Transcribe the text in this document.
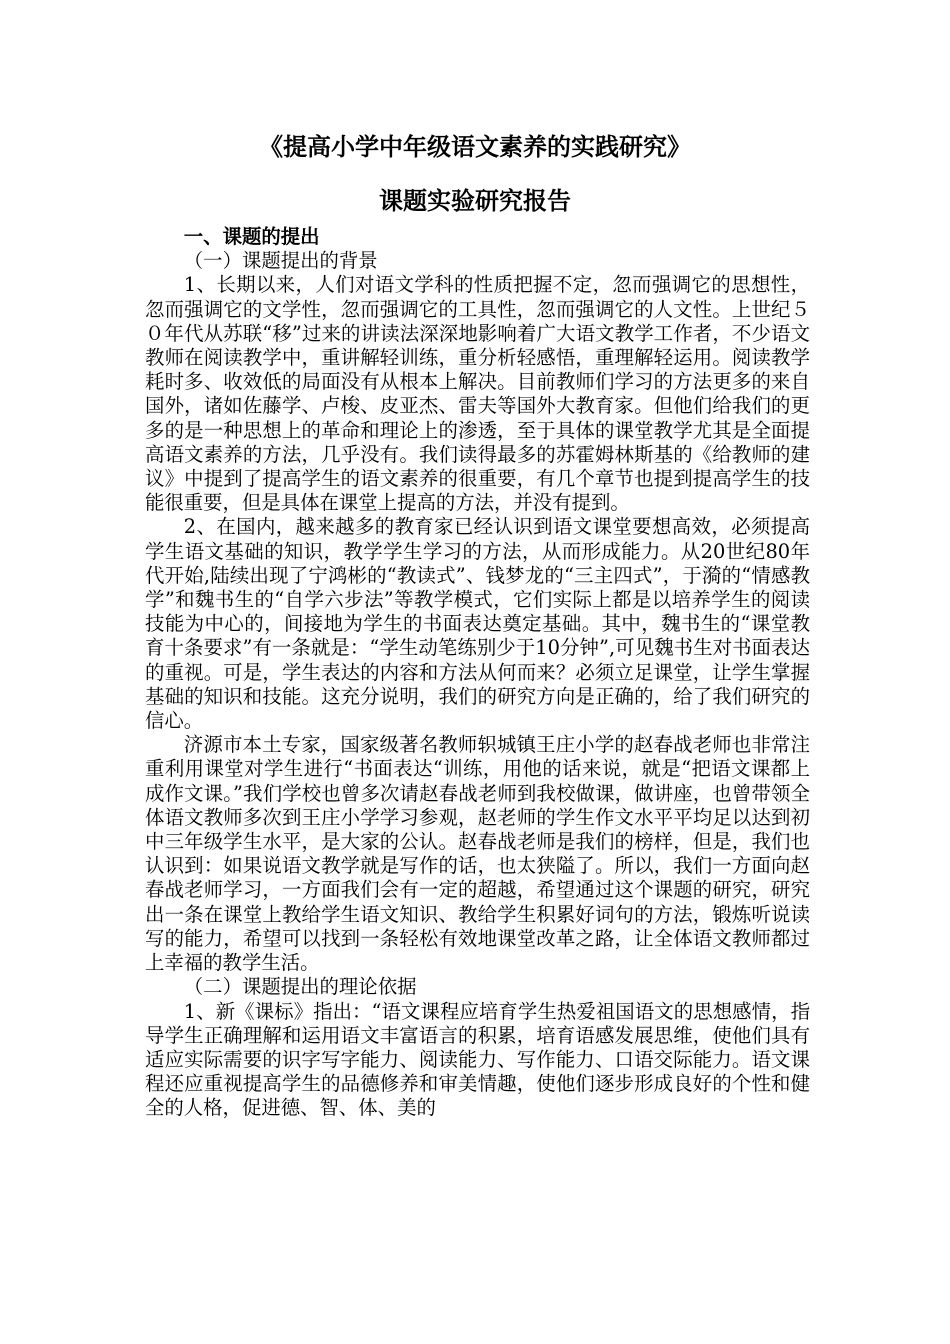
《提高小学中年级语文素养的实践研究》
课题实验研究报告

一、课题的提出

（一）课题提出的背景

1、长期以来，人们对语文学科的性质把握不定，忽而强调它的思想性，忽而强调它的文学性，忽而强调它的工具性，忽而强调它的人文性。上世纪５０年代从苏联“移”过来的讲读法深深地影响着广大语文教学工作者，不少语文教师在阅读教学中，重讲解轻训练，重分析轻感悟，重理解轻运用。阅读教学耗时多、收效低的局面没有从根本上解决。目前教师们学习的方法更多的来自国外，诸如佐藤学、卢梭、皮亚杰、雷夫等国外大教育家。但他们给我们的更多的是一种思想上的革命和理论上的渗透，至于具体的课堂教学尤其是全面提高语文素养的方法，几乎没有。我们读得最多的苏霍姆林斯基的《给教师的建议》中提到了提高学生的语文素养的很重要，有几个章节也提到提高学生的技能很重要，但是具体在课堂上提高的方法，并没有提到。

2、在国内，越来越多的教育家已经认识到语文课堂要想高效，必须提高学生语文基础的知识，教学学生学习的方法，从而形成能力。从20世纪80年代开始,陆续出现了宁鸿彬的“教读式”、钱梦龙的“三主四式”，于漪的“情感教学”和魏书生的“自学六步法”等教学模式，它们实际上都是以培养学生的阅读技能为中心的，间接地为学生的书面表达奠定基础。其中，魏书生的“课堂教育十条要求”有一条就是：“学生动笔练别少于10分钟”,可见魏书生对书面表达的重视。可是，学生表达的内容和方法从何而来？必须立足课堂，让学生掌握基础的知识和技能。这充分说明，我们的研究方向是正确的，给了我们研究的信心。

济源市本土专家，国家级著名教师轵城镇王庄小学的赵春战老师也非常注重利用课堂对学生进行“书面表达“训练，用他的话来说，就是“把语文课都上成作文课。”我们学校也曾多次请赵春战老师到我校做课，做讲座，也曾带领全体语文教师多次到王庄小学学习参观，赵老师的学生作文水平平均足以达到初中三年级学生水平，是大家的公认。赵春战老师是我们的榜样，但是，我们也认识到：如果说语文教学就是写作的话，也太狭隘了。所以，我们一方面向赵春战老师学习，一方面我们会有一定的超越，希望通过这个课题的研究，研究出一条在课堂上教给学生语文知识、教给学生积累好词句的方法，锻炼听说读写的能力，希望可以找到一条轻松有效地课堂改革之路，让全体语文教师都过上幸福的教学生活。

（二）课题提出的理论依据

1、新《课标》指出：“语文课程应培育学生热爱祖国语文的思想感情，指导学生正确理解和运用语文丰富语言的积累，培育语感发展思维，使他们具有适应实际需要的识字写字能力、阅读能力、写作能力、口语交际能力。语文课程还应重视提高学生的品德修养和审美情趣，使他们逐步形成良好的个性和健全的人格，促进德、智、体、美的
